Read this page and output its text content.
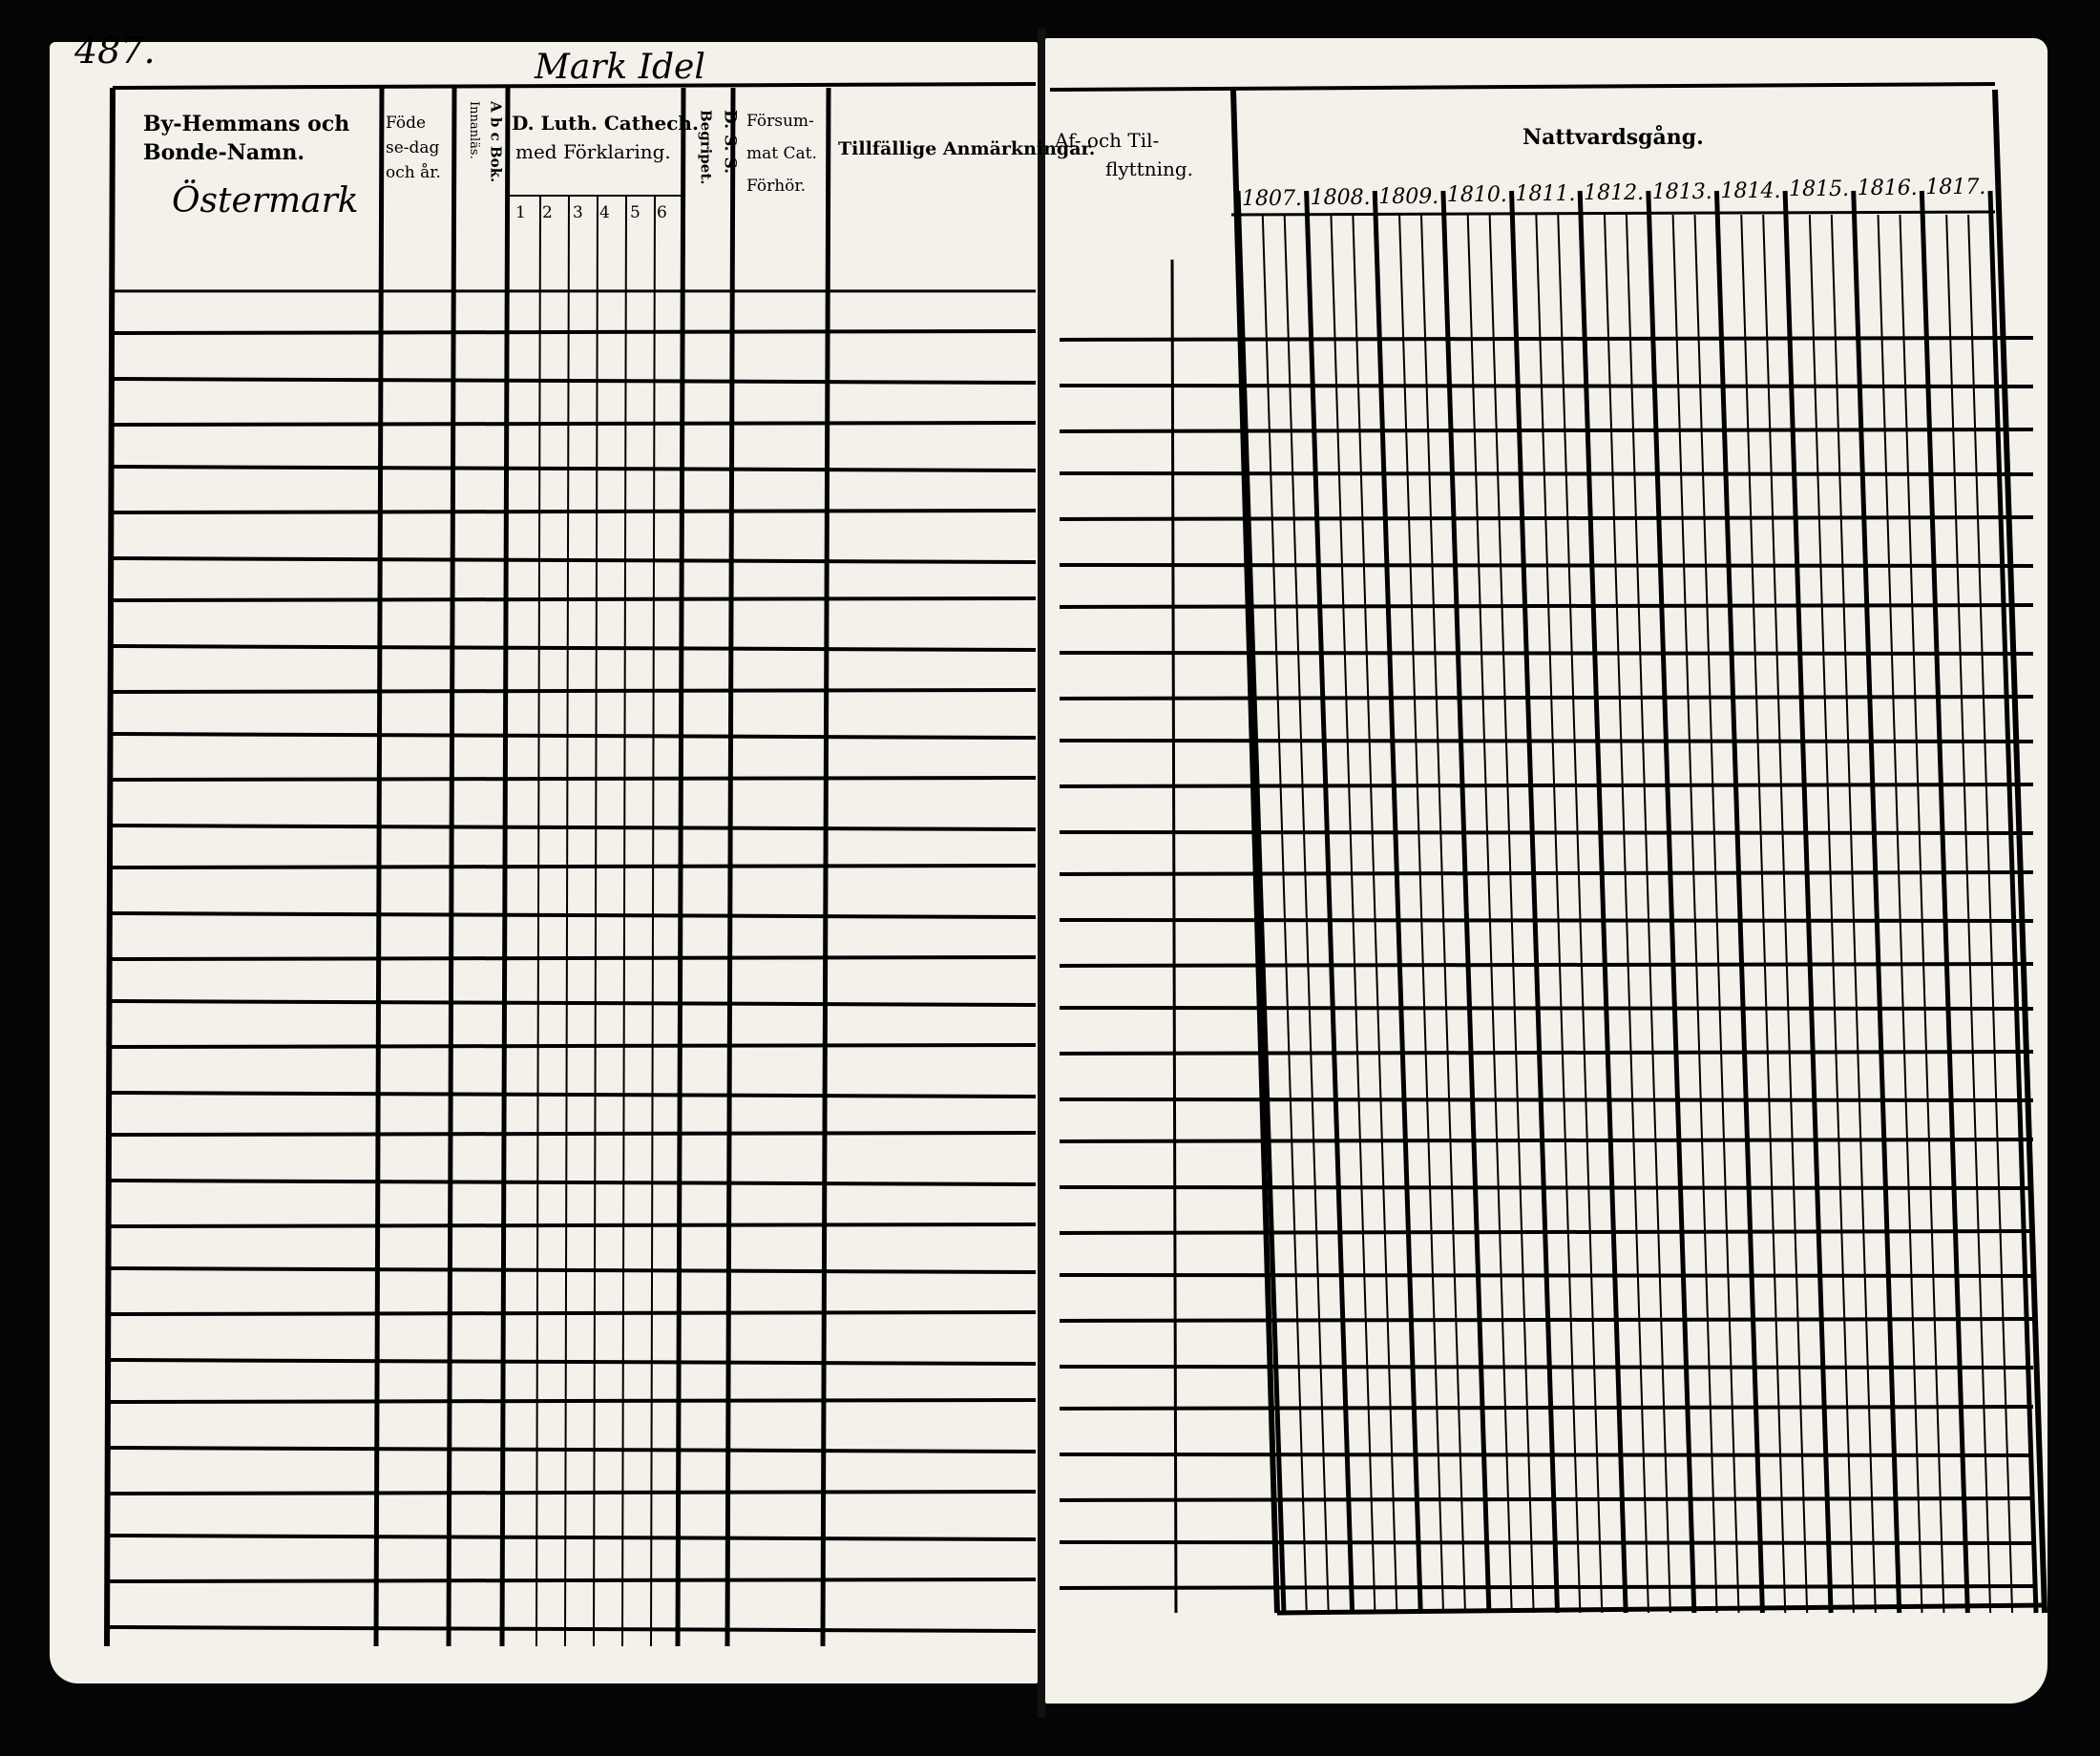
487.	Mark Idel
By-Hemmans och
Bonde-Namn.
Östermark
Föde
se-dag
och år.	A b c Bok.
Innanläs. D. Luth. Cathech.
med Förklaring.
1 2 3 4 5 6
D. S. S.
Begripet. Försum-
mat Cat.
Förhör.
Tillfällige Anmärkningar.
Af- och Til-
flyttning.
Nattvardsgång.
1807. 1808. 1809. 1810. 1811. 1812. 1813. 1814. 1815. 1816. 1817.
